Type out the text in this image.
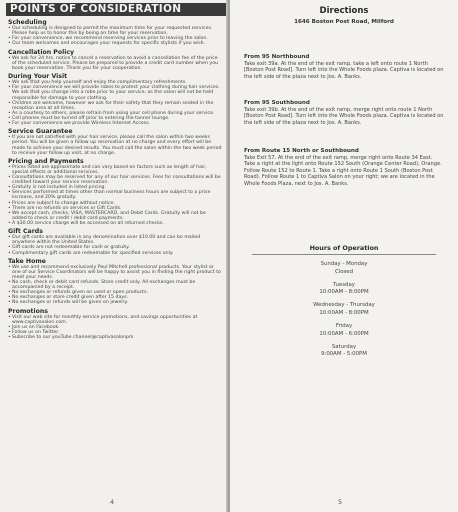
POINTS OF CONSIDERATION
Scheduling
• Our scheduling is designed to permit the maximum time for your requested services. Please help us to honor this by being on time for your reservation.
• For your convenience, we recommend reserving services prior to leaving the salon.
• Our team welcomes and encourages your requests for specific stylists if you wish.
Cancellation Policy
• We ask for 24 hrs. notice to cancel a reservation to avoid a cancellation fee of the price of the scheduled service. Please be prepared to provide a credit card number when you book your reservation. Thank you for your cooperation.
During Your Visit
• We ask that you help yourself and enjoy the complimentary refreshments.
• For your convenience we will provide robes to protect your clothing during hair services. We ask that you change into a robe prior to your service, as the salon will not be held responsible for damage to your clothing.
• Children are welcome, however we ask for their safety that they remain seated in the reception area at all times.
• As a courtesy to others, please refrain from using your cell phone during your service.
• Cell phones must be turned off prior to entering the tanner lounge.
• For your convenience we provide Wireless Internet Access.
Service Guarantee
• If you are not satisfied with your hair service, please call the salon within two weeks period. You will be given a follow up reservation at no charge and every effort will be made to achieve your desired results. You must call the salon within the two week period to receive your follow up visit, at no charge.
Pricing and Payments
• Prices listed are approximate and can vary based on factors such as length of hair, special effects or additional services.
• Consultations may be reserved for any of our hair services. Fees for consultations will be credited toward your service reservation.
• Gratuity is not included in listed pricing.
• Services performed at times other than normal business hours are subject to a price increase, and 20% gratuity.
• Prices are subject to change without notice.
• There are no refunds on services or Gift Cards.
• We accept cash, checks, VISA, MASTERCARD, and Debit Cards. Gratuity will not be added to check or credit / debit card payments.
• A $30.00 service charge will be accessed on all returned checks.
Gift Cards
• Our gift cards are available in any denomination over $10.00 and can be mailed anywhere within the United States.
• Gift cards are not redeemable for cash or gratuity.
• Complimentary gift cards are redeemable for specified services only.
Take Home
• We use and recommend exclusively Paul Mitchell professional products. Your stylist or one of our Service Coordinators will be happy to assist you in finding the right product to meet your needs.
• No cash, check or debit card refunds. Store credit only. All exchanges must be accompanied by a receipt.
• No exchanges or refunds given on used or open products.
• No exchanges or store credit given after 15 days.
• No exchanges or refunds will be given on jewelry.
Promotions
• Visit our web site for monthly service promotions, and savings opportunities at www.captivasalon.com.
• Join us on Facebook.
• Follow us on Twitter.
• Subscribe to our youTube channel@captivasalonpm
4
Directions
1646 Boston Post Road, Milford
From 95 Northbound

Take exit 39a. At the end of the exit ramp, take a left onto route 1 North [Boston Post Road]. Turn left into the Whole Foods plaza. Captiva is located on the left side of the plaza next to Jos. A. Banks.

From 95 Southbound

Take exit 39b. At the end of the exit ramp, merge right onto route 1 North [Boston Post Road]. Turn left into the Whole Foods plaza. Captiva is located on the left side of the plaza next to Jos. A. Banks.

From Route 15 North or Southbound

Take Exit 57. At the end of the exit ramp, merge right onto Route 34 East. Take a right at the light onto Route 152 South (Orange Center Road), Orange. Follow Route 152 to Route 1. Take a right onto Route 1 South (Boston Post Road). Follow Route 1 to Captiva Salon on your right; we are located in the Whole Foods Plaza, next to Jos. A. Banks.

Hours of Operation
Sunday - Monday
Closed
Tuesday
10:00AM - 8:00PM
Wednesday - Thursday
10:00AM - 8:00PM
Friday
10:00AM - 6:00PM
Saturday
9:00AM - 5:00PM
5
